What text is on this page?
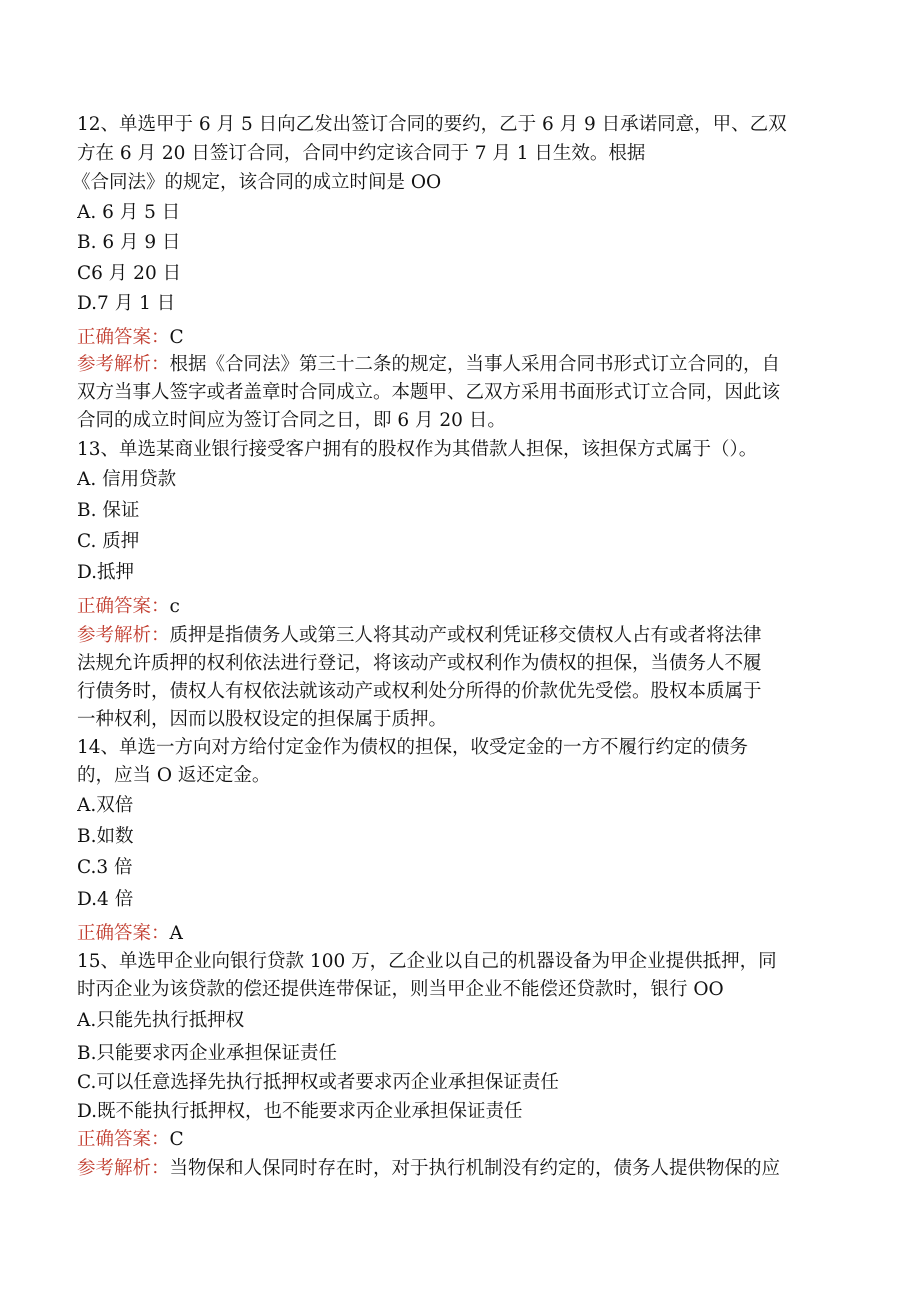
12、单选甲于 6 月 5 日向乙发出签订合同的要约，乙于 6 月 9 日承诺同意，甲、乙双
方在 6 月 20 日签订合同，合同中约定该合同于 7 月 1 日生效。根据
《合同法》的规定，该合同的成立时间是 OO
A. 6 月 5 日
B. 6 月 9 日
C6 月 20 日
D.7 月 1 日
正确答案：C
参考解析：根据《合同法》第三十二条的规定，当事人采用合同书形式订立合同的，自
双方当事人签字或者盖章时合同成立。本题甲、乙双方采用书面形式订立合同，因此该
合同的成立时间应为签订合同之日，即 6 月 20 日。
13、单选某商业银行接受客户拥有的股权作为其借款人担保，该担保方式属于（）。
A. 信用贷款
B. 保证
C. 质押
D.抵押
正确答案：c
参考解析：质押是指债务人或第三人将其动产或权利凭证移交债权人占有或者将法律
法规允许质押的权利依法进行登记，将该动产或权利作为债权的担保，当债务人不履
行债务时，债权人有权依法就该动产或权利处分所得的价款优先受偿。股权本质属于
一种权利，因而以股权设定的担保属于质押。
14、单选一方向对方给付定金作为债权的担保，收受定金的一方不履行约定的债务
的，应当 O 返还定金。
A.双倍
B.如数
C.3 倍
D.4 倍
正确答案：A
15、单选甲企业向银行贷款 100 万，乙企业以自己的机器设备为甲企业提供抵押，同
时丙企业为该贷款的偿还提供连带保证，则当甲企业不能偿还贷款时，银行 OO
A.只能先执行抵押权
B.只能要求丙企业承担保证责任
C.可以任意选择先执行抵押权或者要求丙企业承担保证责任
D.既不能执行抵押权，也不能要求丙企业承担保证责任
正确答案：C
参考解析：当物保和人保同时存在时，对于执行机制没有约定的，债务人提供物保的应
